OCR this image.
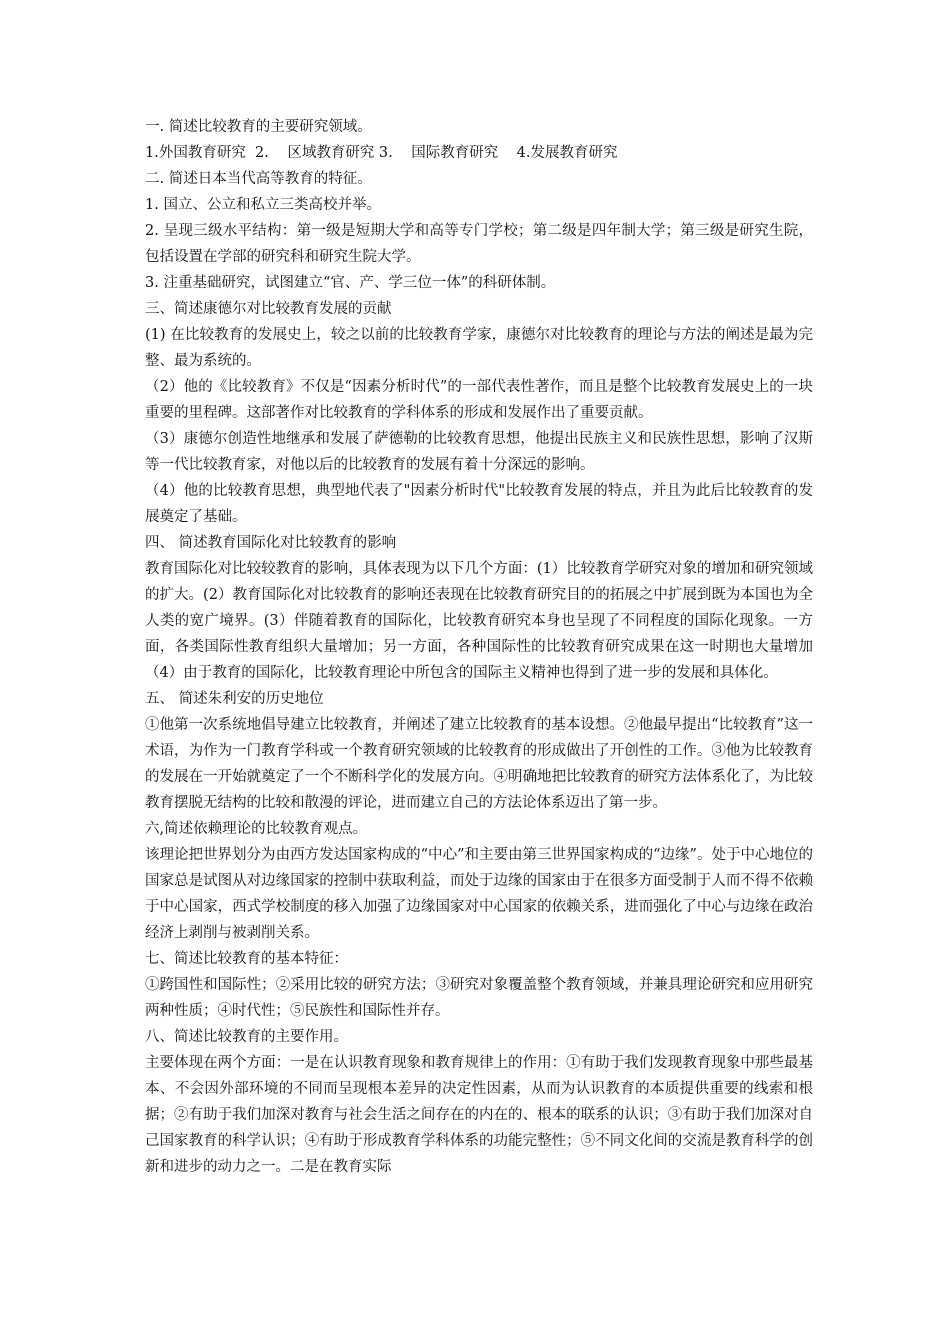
一. 简述比较教育的主要研究领域。
1.外国教育研究  2.    区域教育研究 3.    国际教育研究    4.发展教育研究
二. 简述日本当代高等教育的特征。
1. 国立、公立和私立三类高校并举。
2. 呈现三级水平结构：第一级是短期大学和高等专门学校；第二级是四年制大学；第三级是研究生院，包括设置在学部的研究科和研究生院大学。
3. 注重基础研究，试图建立“官、产、学三位一体”的科研体制。
三、简述康德尔对比较教育发展的贡献
(1) 在比较教育的发展史上，较之以前的比较教育学家，康德尔对比较教育的理论与方法的阐述是最为完整、最为系统的。
（2）他的《比较教育》不仅是“因素分析时代”的一部代表性著作，而且是整个比较教育发展史上的一块重要的里程碑。这部著作对比较教育的学科体系的形成和发展作出了重要贡献。
（3）康德尔创造性地继承和发展了萨德勒的比较教育思想，他提出民族主义和民族性思想，影响了汉斯等一代比较教育家，对他以后的比较教育的发展有着十分深远的影响。
（4）他的比较教育思想，典型地代表了"因素分析时代"比较教育发展的特点，并且为此后比较教育的发展奠定了基础。
四、 简述教育国际化对比较教育的影响
教育国际化对比较较教育的影响，具体表现为以下几个方面：(1）比较教育学研究对象的增加和研究领域的扩大。(2）教育国际化对比较教育的影响还表现在比较教育研究目的的拓展之中扩展到既为本国也为全人类的宽广境界。(3）伴随着教育的国际化，比较教育研究本身也呈现了不同程度的国际化现象。一方面，各类国际性教育组织大量增加；另一方面，各种国际性的比较教育研究成果在这一时期也大量增加（4）由于教育的国际化，比较教育理论中所包含的国际主义精神也得到了进一步的发展和具体化。
五、 简述朱利安的历史地位
①他第一次系统地倡导建立比较教育，并阐述了建立比较教育的基本设想。②他最早提出“比较教育”这一术语，为作为一门教育学科或一个教育研究领域的比较教育的形成做出了开创性的工作。③他为比较教育的发展在一开始就奠定了一个不断科学化的发展方向。④明确地把比较教育的研究方法体系化了，为比较教育摆脱无结构的比较和散漫的评论，进而建立自己的方法论体系迈出了第一步。
六,简述依赖理论的比较教育观点。
该理论把世界划分为由西方发达国家构成的“中心”和主要由第三世界国家构成的“边缘”。处于中心地位的国家总是试图从对边缘国家的控制中获取利益，而处于边缘的国家由于在很多方面受制于人而不得不依赖于中心国家，西式学校制度的移入加强了边缘国家对中心国家的依赖关系，进而强化了中心与边缘在政治经济上剥削与被剥削关系。
七、简述比较教育的基本特征：
①跨国性和国际性；②采用比较的研究方法；③研究对象覆盖整个教育领域，并兼具理论研究和应用研究两种性质；④时代性；⑤民族性和国际性并存。
八、简述比较教育的主要作用。
主要体现在两个方面：一是在认识教育现象和教育规律上的作用：①有助于我们发现教育现象中那些最基本、不会因外部环境的不同而呈现根本差异的决定性因素，从而为认识教育的本质提供重要的线索和根据；②有助于我们加深对教育与社会生活之间存在的内在的、根本的联系的认识；③有助于我们加深对自己国家教育的科学认识；④有助于形成教育学科体系的功能完整性；⑤不同文化间的交流是教育科学的创新和进步的动力之一。二是在教育实际
